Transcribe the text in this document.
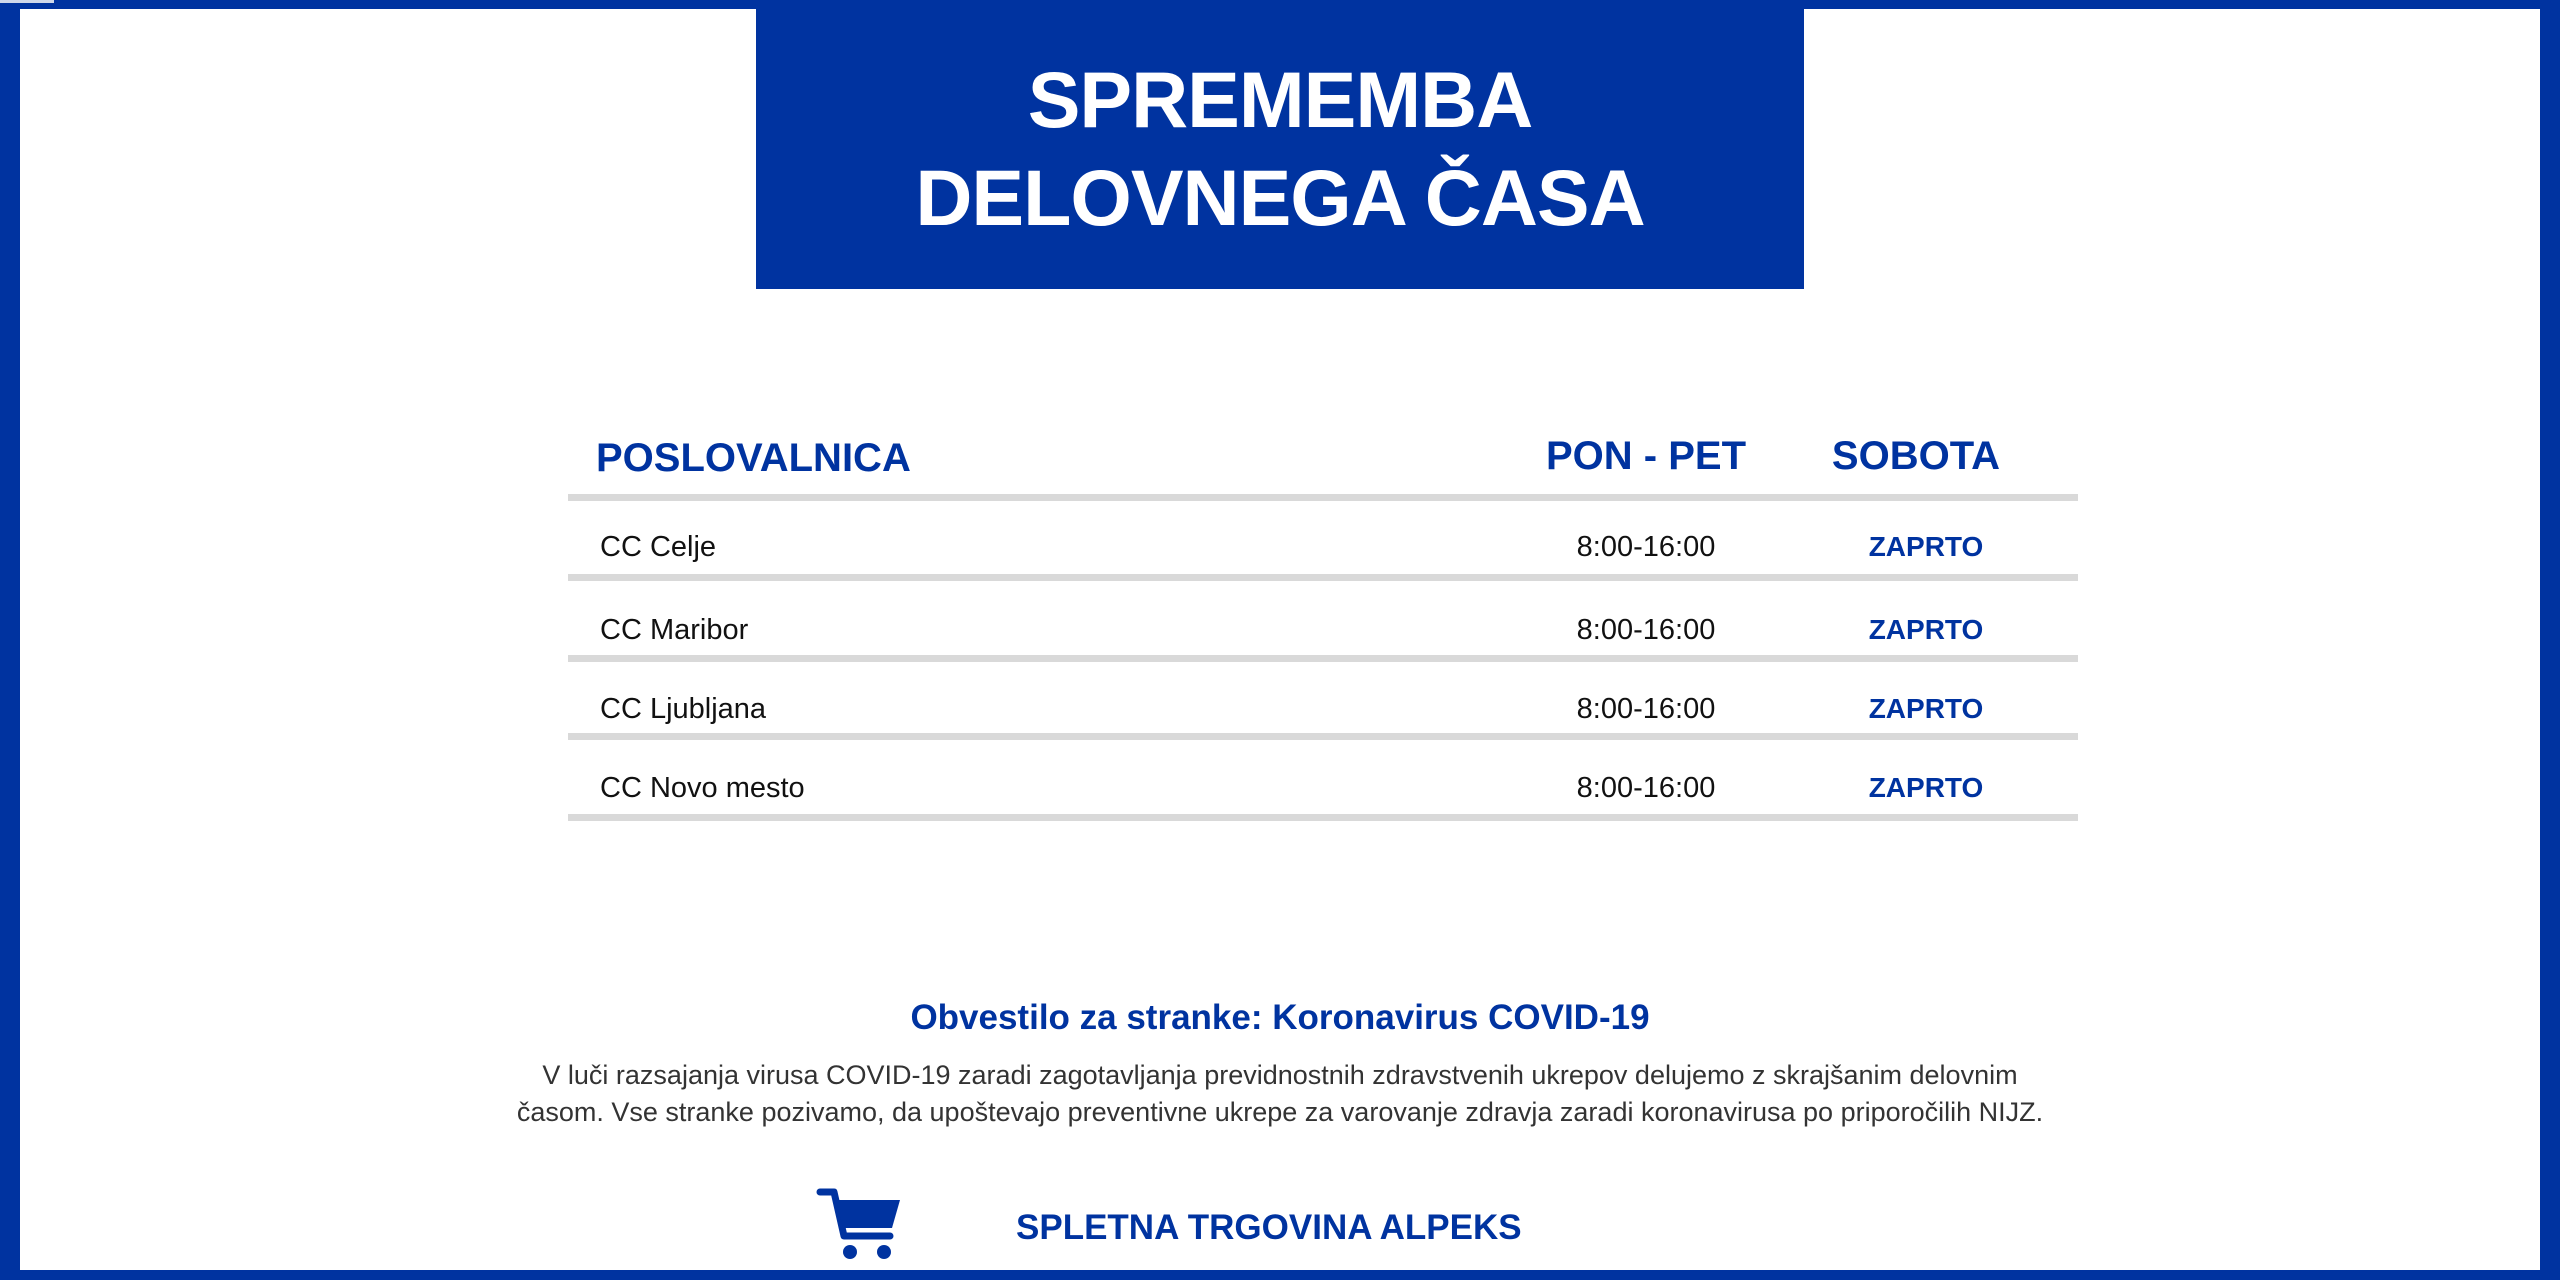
SPREMEMBA DELOVNEGA ČASA
POSLOVALNICA	PON - PET	SOBOTA
CC Celje	8:00-16:00	ZAPRTO
CC Maribor	8:00-16:00	ZAPRTO
CC Ljubljana	8:00-16:00	ZAPRTO
CC Novo mesto	8:00-16:00	ZAPRTO
Obvestilo za stranke: Koronavirus COVID-19
V luči razsajanja virusa COVID-19 zaradi zagotavljanja previdnostnih zdravstvenih ukrepov delujemo z skrajšanim delovnim časom. Vse stranke pozivamo, da upoštevajo preventivne ukrepe za varovanje zdravja zaradi koronavirusa po priporočilih NIJZ.
SPLETNA TRGOVINA ALPEKS
